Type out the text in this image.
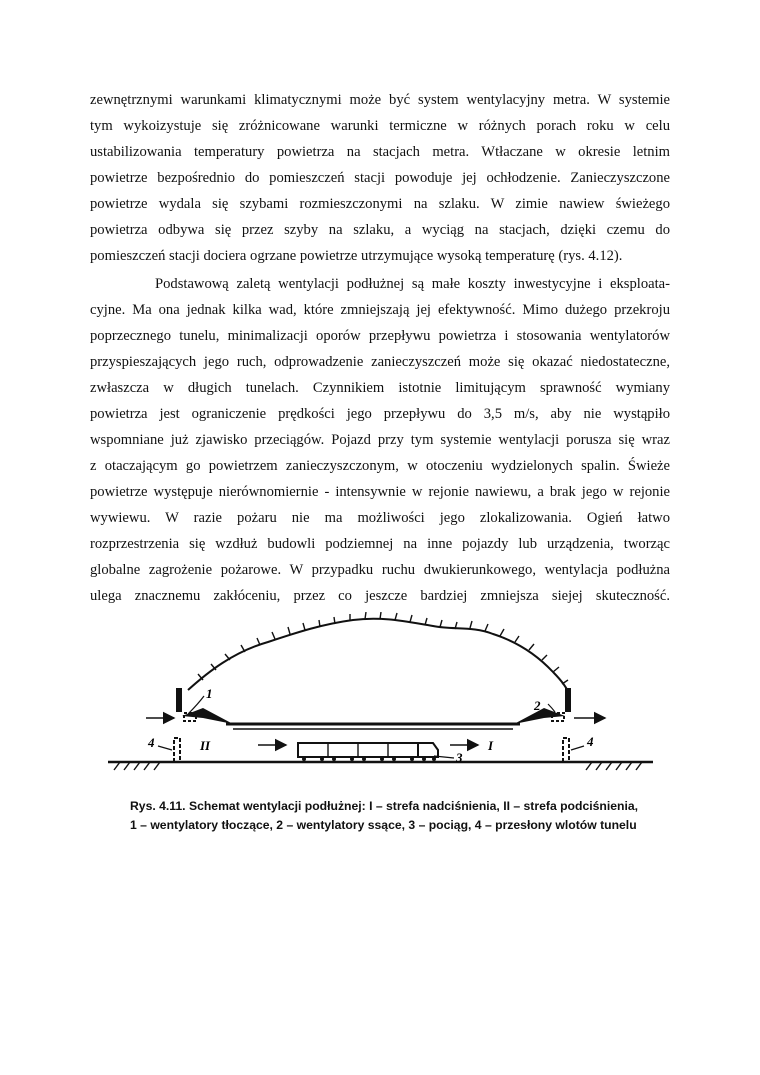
zewnętrznymi warunkami klimatycznymi może być system wentylacyjny metra. W systemie
tym wykoizystuje się zróżnicowane warunki termiczne w różnych porach roku w celu
ustabilizowania temperatury powietrza na stacjach metra. Wtłaczane w okresie letnim
powietrze bezpośrednio do pomieszczeń stacji powoduje jej ochłodzenie. Zanieczyszczone
powietrze wydala się szybami rozmieszczonymi na szlaku. W zimie nawiew świeżego
powietrza odbywa się przez szyby na szlaku, a wyciąg na stacjach, dzięki czemu do
pomieszczeń stacji dociera ogrzane powietrze utrzymujące wysoką temperaturę (rys. 4.12).
Podstawową zaletą wentylacji podłużnej są małe koszty inwestycyjne i eksploata-
cyjne. Ma ona jednak kilka wad, które zmniejszają jej efektywność. Mimo dużego przekroju
poprzecznego tunelu, minimalizacji oporów przepływu powietrza i stosowania wentylatorów
przyspieszających jego ruch, odprowadzenie zanieczyszczeń może się okazać niedostateczne,
zwłaszcza w długich tunelach. Czynnikiem istotnie limitującym sprawność wymiany
powietrza jest ograniczenie prędkości jego przepływu do 3,5 m/s, aby nie wystąpiło
wspomniane już zjawisko przeciągów. Pojazd przy tym systemie wentylacji porusza się wraz
z otaczającym go powietrzem zanieczyszczonym, w otoczeniu wydzielonych spalin. Świeże
powietrze występuje nierównomiernie - intensywnie w rejonie nawiewu, a brak jego w rejonie
wywiewu. W razie pożaru nie ma możliwości jego zlokalizowania. Ogień łatwo
rozprzestrzenia się wzdłuż budowli podziemnej na inne pojazdy lub urządzenia, tworząc
globalne zagrożenie pożarowe. W przypadku ruchu dwukierunkowego, wentylacja podłużna
ulega znacznemu zakłóceniu, przez co jeszcze bardziej zmniejsza siejej skuteczność.
1
2
4	4
II	I
3
Rys. 4.11. Schemat wentylacji podłużnej: I – strefa nadciśnienia, II – strefa podciśnienia,
1 – wentylatory tłoczące, 2 – wentylatory ssące, 3 – pociąg, 4 – przesłony wlotów tunelu
